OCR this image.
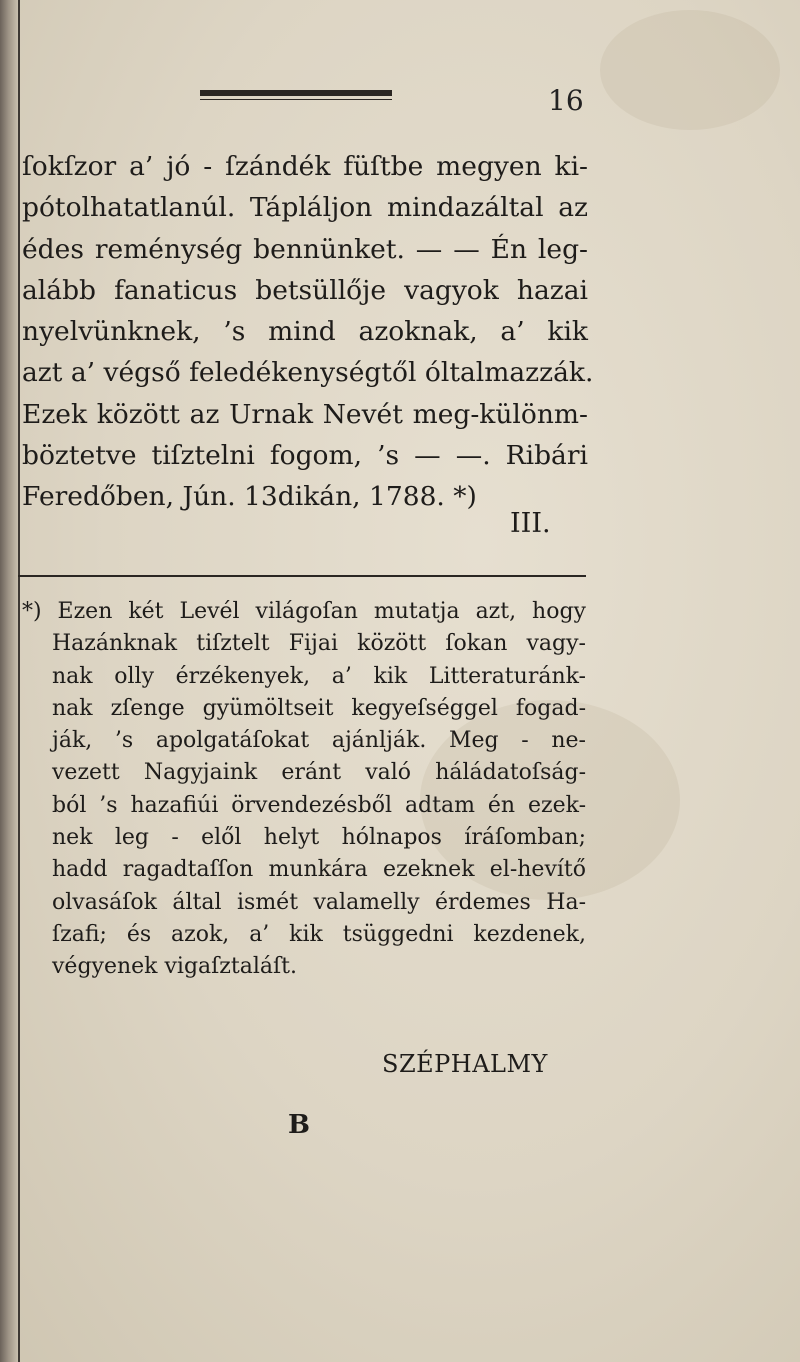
16
ſokſzor a’ jó - ſzándék füſtbe megyen ki-
pótolhatatlanúl. Tápláljon mindazáltal az
édes reménység bennünket. — — Én leg-
alább fanaticus betsüllője vagyok hazai
nyelvünknek, ’s mind azoknak, a’ kik
azt a’ végső feledékenységtől óltalmazzák.
Ezek között az Urnak Nevét meg-különm-
böztetve tiſztelni fogom, ’s — —. Ribári
Feredőben, Jún. 13dikán, 1788. *)
III.
*) Ezen két Levél világoſan mutatja azt, hogy
Hazánknak tiſztelt Fijai között ſokan vagy-
nak olly érzékenyek, a’ kik Litteraturánk-
nak zſenge gyümöltseit kegyeſséggel fogad-
ják, ’s apolgatáſokat ajánlják. Meg - ne-
vezett Nagyjaink eránt való háládatoſság-
ból ’s hazafiúi örvendezésből adtam én ezek-
nek leg - elől helyt hólnapos íráſomban;
hadd ragadtaſſon munkára ezeknek el-hevítő
olvasáſok által ismét valamelly érdemes Ha-
ſzafi; és azok, a’ kik tsüggedni kezdenek,
végyenek vigaſztaláſt.
SZÉPHALMY
B
